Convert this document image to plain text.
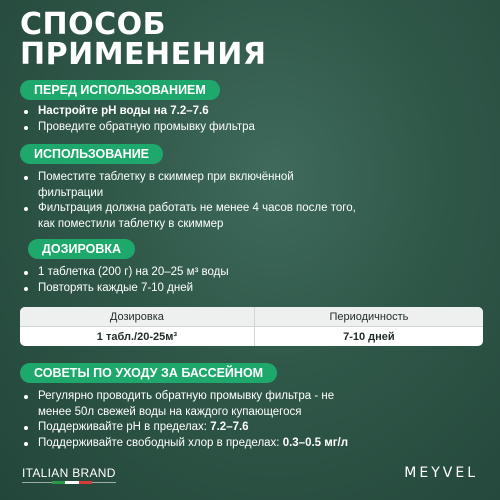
СПОСОБ
ПРИМЕНЕНИЯ
ПЕРЕД ИСПОЛЬЗОВАНИЕМ
Настройте pH воды на 7.2–7.6
Проведите обратную промывку фильтра
ИСПОЛЬЗОВАНИЕ
Поместите таблетку в скиммер при включённой фильтрации
Фильтрация должна работать не менее 4 часов после того, как поместили таблетку в скиммер
ДОЗИРОВКА
1 таблетка (200 г) на 20–25 м³ воды
Повторять каждые 7-10 дней
Дозировка	Периодичность
1 табл./20-25м³	7-10 дней
СОВЕТЫ ПО УХОДУ ЗА БАССЕЙНОМ
Регулярно проводить обратную промывку фильтра - не менее 50л свежей воды на каждого купающегося
Поддерживайте pH в пределах: 7.2–7.6
Поддерживайте свободный хлор в пределах: 0.3–0.5 мг/л
ITALIAN BRAND	MEYVEL
